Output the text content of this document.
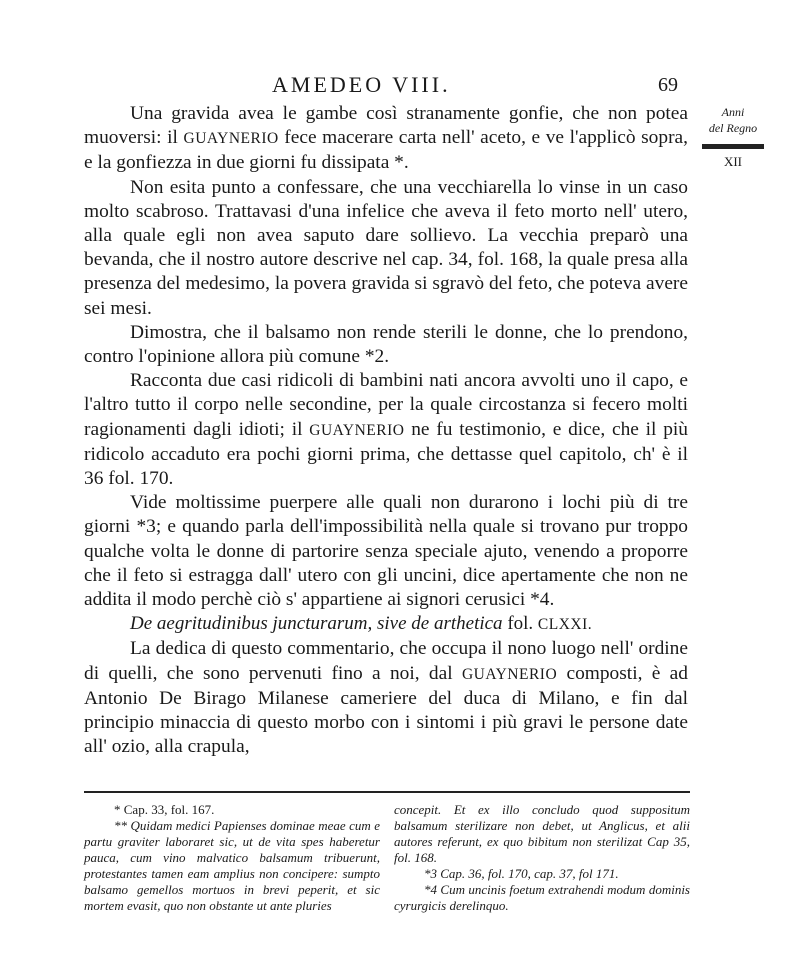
AMEDEO VIII.	69
Anni
del Regno
XII

Una gravida avea le gambe così stranamente gonfie, che non potea muoversi: il GUAYNERIO fece macerare carta nell' aceto, e ve l'applicò sopra, e la gonfiezza in due giorni fu dissipata *.

Non esita punto a confessare, che una vecchiarella lo vinse in un caso molto scabroso. Trattavasi d'una infelice che aveva il feto morto nell' utero, alla quale egli non avea saputo dare sollievo. La vecchia preparò una bevanda, che il nostro autore descrive nel cap. 34, fol. 168, la quale presa alla presenza del medesimo, la povera gravida si sgravò del feto, che poteva avere sei mesi.

Dimostra, che il balsamo non rende sterili le donne, che lo prendono, contro l'opinione allora più comune *2.

Racconta due casi ridicoli di bambini nati ancora avvolti uno il capo, e l'altro tutto il corpo nelle secondine, per la quale circostanza si fecero molti ragionamenti dagli idioti; il GUAYNERIO ne fu testimonio, e dice, che il più ridicolo accaduto era pochi giorni prima, che dettasse quel capitolo, ch' è il 36 fol. 170.

Vide moltissime puerpere alle quali non durarono i lochi più di tre giorni *3; e quando parla dell'impossibilità nella quale si trovano pur troppo qualche volta le donne di partorire senza speciale ajuto, venendo a proporre che il feto si estragga dall' utero con gli uncini, dice apertamente che non ne addita il modo perchè ciò s' appartiene ai signori cerusici *4.

De aegritudinibus juncturarum, sive de arthetica fol. CLXXI.

La dedica di questo commentario, che occupa il nono luogo nell' ordine di quelli, che sono pervenuti fino a noi, dal GUAYNERIO composti, è ad Antonio De Birago Milanese cameriere del duca di Milano, e fin dal principio minaccia di questo morbo con i sintomi i più gravi le persone date all' ozio, alla crapula,

* Cap. 33, fol. 167.

** Quidam medici Papienses dominae meae cum e partu graviter laboraret sic, ut de vita spes haberetur pauca, cum vino malvatico balsamum tribuerunt, protestantes tamen eam amplius non concipere: sumpto balsamo gemellos mortuos in brevi peperit, et sic mortem evasit, quo non obstante ut ante pluries

concepit. Et ex illo concludo quod suppositum balsamum sterilizare non debet, ut Anglicus, et alii autores referunt, ex quo bibitum non sterilizat Cap 35, fol. 168.

*3 Cap. 36, fol. 170, cap. 37, fol 171.

*4 Cum uncinis foetum extrahendi modum dominis cyrurgicis derelinquo.
